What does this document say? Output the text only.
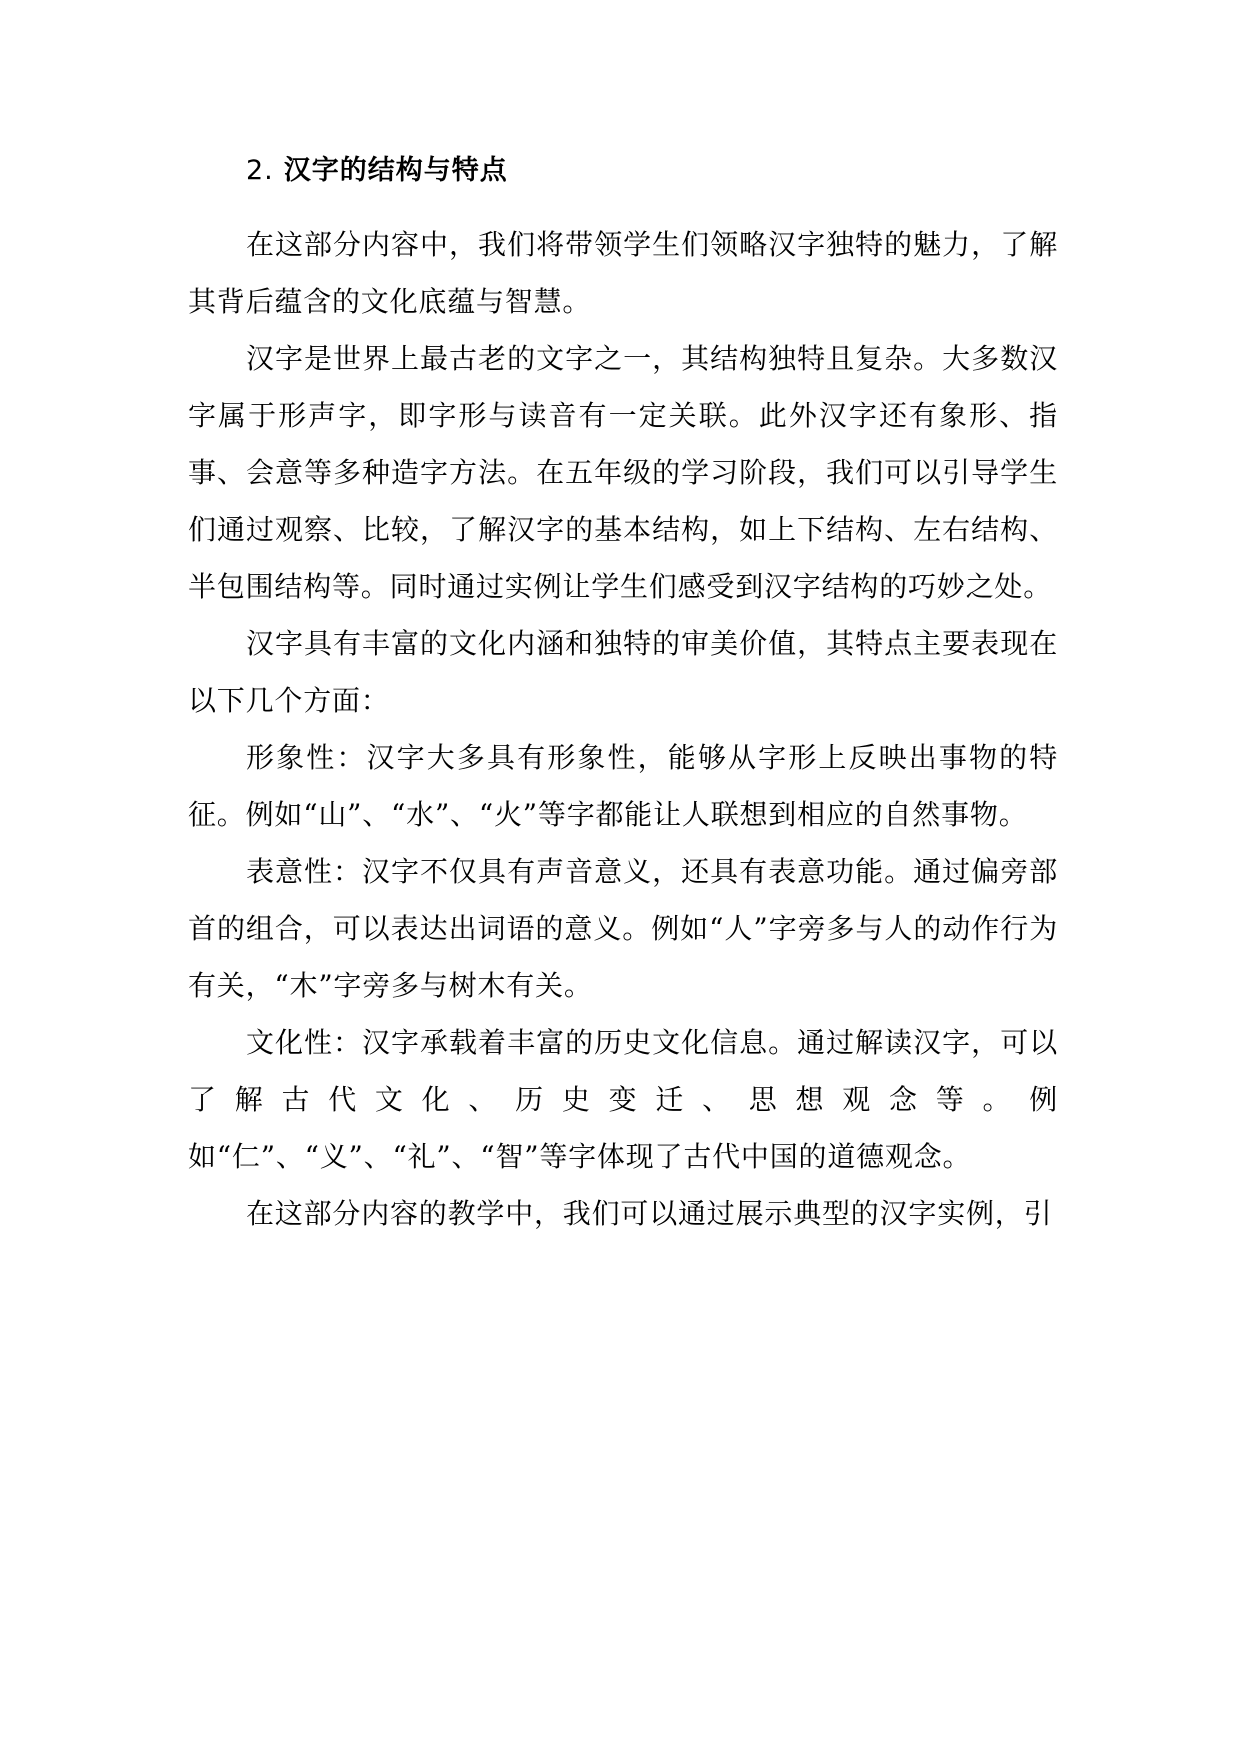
2. 汉字的结构与特点

在这部分内容中，我们将带领学生们领略汉字独特的魅力，了解其背后蕴含的文化底蕴与智慧。

汉字是世界上最古老的文字之一，其结构独特且复杂。大多数汉字属于形声字，即字形与读音有一定关联。此外汉字还有象形、指事、会意等多种造字方法。在五年级的学习阶段，我们可以引导学生们通过观察、比较，了解汉字的基本结构，如上下结构、左右结构、半包围结构等。同时通过实例让学生们感受到汉字结构的巧妙之处。

汉字具有丰富的文化内涵和独特的审美价值，其特点主要表现在以下几个方面：

形象性：汉字大多具有形象性，能够从字形上反映出事物的特征。例如“山”、“水”、“火”等字都能让人联想到相应的自然事物。

表意性：汉字不仅具有声音意义，还具有表意功能。通过偏旁部首的组合，可以表达出词语的意义。例如“人”字旁多与人的动作行为有关，“木”字旁多与树木有关。

文化性：汉字承载着丰富的历史文化信息。通过解读汉字，可以了解古代文化、历史变迁、思想观念等。例如“仁”、“义”、“礼”、“智”等字体现了古代中国的道德观念。

在这部分内容的教学中，我们可以通过展示典型的汉字实例，引
